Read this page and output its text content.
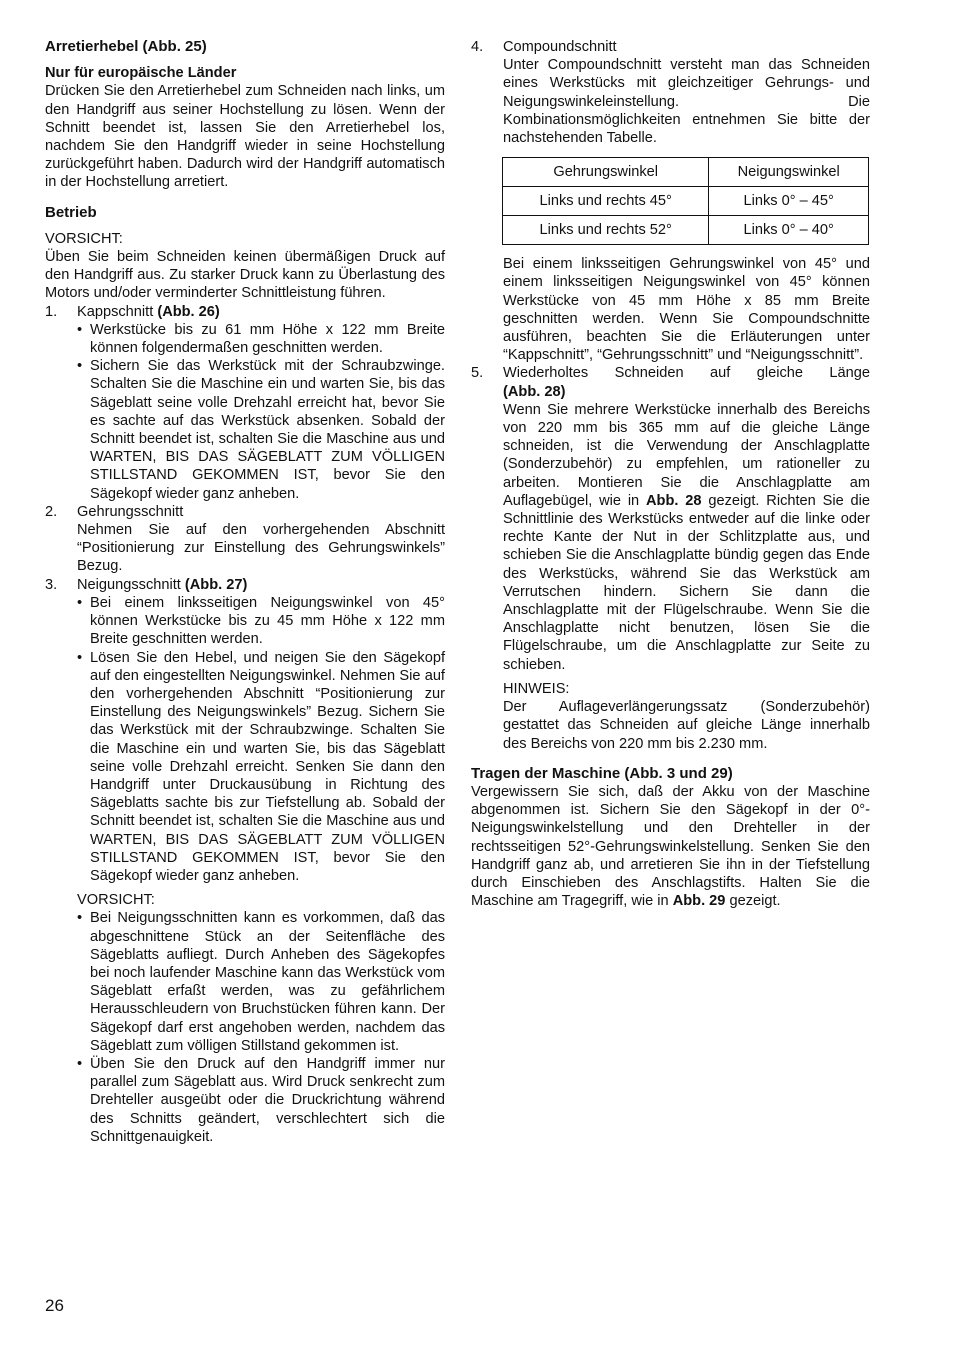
Arretierhebel (Abb. 25)
Nur für europäische Länder

Drücken Sie den Arretierhebel zum Schneiden nach links, um den Handgriff aus seiner Hochstellung zu lösen. Wenn der Schnitt beendet ist, lassen Sie den Arretierhebel los, nachdem Sie den Handgriff wieder in seine Hochstellung zurückgeführt haben. Dadurch wird der Handgriff automatisch in der Hochstellung arretiert.

Betrieb

VORSICHT:

Üben Sie beim Schneiden keinen übermäßigen Druck auf den Handgriff aus. Zu starker Druck kann zu Überlastung des Motors und/oder verminderter Schnittleistung führen.

1. Kappschnitt (Abb. 26)
• Werkstücke bis zu 61 mm Höhe x 122 mm Breite können folgendermaßen geschnitten werden.

• Sichern Sie das Werkstück mit der Schraubzwinge. Schalten Sie die Maschine ein und warten Sie, bis das Sägeblatt seine volle Drehzahl erreicht hat, bevor Sie es sachte auf das Werkstück absenken. Sobald der Schnitt beendet ist, schalten Sie die Maschine aus und WARTEN, BIS DAS SÄGEBLATT ZUM VÖLLIGEN STILLSTAND GEKOMMEN IST, bevor Sie den Sägekopf wieder ganz anheben.

2. Gehrungsschnitt

Nehmen Sie auf den vorhergehenden Abschnitt “Positionierung zur Einstellung des Gehrungswinkels” Bezug.

3. Neigungsschnitt (Abb. 27)
• Bei einem linksseitigen Neigungswinkel von 45° können Werkstücke bis zu 45 mm Höhe x 122 mm Breite geschnitten werden.

• Lösen Sie den Hebel, und neigen Sie den Sägekopf auf den eingestellten Neigungswinkel. Nehmen Sie auf den vorhergehenden Abschnitt “Positionierung zur Einstellung des Neigungswinkels” Bezug. Sichern Sie das Werkstück mit der Schraubzwinge. Schalten Sie die Maschine ein und warten Sie, bis das Sägeblatt seine volle Drehzahl erreicht. Senken Sie dann den Handgriff unter Druckausübung in Richtung des Sägeblatts sachte bis zur Tiefstellung ab. Sobald der Schnitt beendet ist, schalten Sie die Maschine aus und WARTEN, BIS DAS SÄGEBLATT ZUM VÖLLIGEN STILLSTAND GEKOMMEN IST, bevor Sie den Sägekopf wieder ganz anheben.

VORSICHT:
• Bei Neigungsschnitten kann es vorkommen, daß das abgeschnittene Stück an der Seitenfläche des Sägeblatts aufliegt. Durch Anheben des Sägekopfes bei noch laufender Maschine kann das Werkstück vom Sägeblatt erfaßt werden, was zu gefährlichem Herausschleudern von Bruchstücken führen kann. Der Sägekopf darf erst angehoben werden, nachdem das Sägeblatt zum völligen Stillstand gekommen ist.

• Üben Sie den Druck auf den Handgriff immer nur parallel zum Sägeblatt aus. Wird Druck senkrecht zum Drehteller ausgeübt oder die Druckrichtung während des Schnitts geändert, verschlechtert sich die Schnittgenauigkeit.

4. Compoundschnitt

Unter Compoundschnitt versteht man das Schneiden eines Werkstücks mit gleichzeitiger Gehrungs- und Neigungswinkeleinstellung. Die Kombinationsmöglichkeiten entnehmen Sie bitte der nachstehenden Tabelle.

Gehrungswinkel	Neigungswinkel
Links und rechts 45°	Links 0° – 45°
Links und rechts 52°	Links 0° – 40°

Bei einem linksseitigen Gehrungswinkel von 45° und einem linksseitigen Neigungswinkel von 45° können Werkstücke von 45 mm Höhe x 85 mm Breite geschnitten werden. Wenn Sie Compoundschnitte ausführen, beachten Sie die Erläuterungen unter “Kappschnitt”, “Gehrungsschnitt” und “Neigungsschnitt”.

5. Wiederholtes Schneiden auf gleiche Länge

(Abb. 28)

Wenn Sie mehrere Werkstücke innerhalb des Bereichs von 220 mm bis 365 mm auf die gleiche Länge schneiden, ist die Verwendung der Anschlagplatte (Sonderzubehör) zu empfehlen, um rationeller zu arbeiten. Montieren Sie die Anschlagplatte am Auflagebügel, wie in Abb. 28 gezeigt. Richten Sie die Schnittlinie des Werkstücks entweder auf die linke oder rechte Kante der Nut in der Schlitzplatte aus, und schieben Sie die Anschlagplatte bündig gegen das Ende des Werkstücks, während Sie das Werkstück am Verrutschen hindern. Sichern Sie dann die Anschlagplatte mit der Flügelschraube. Wenn Sie die Anschlagplatte nicht benutzen, lösen Sie die Flügelschraube, um die Anschlagplatte zur Seite zu schieben.

HINWEIS:

Der Auflageverlängerungssatz (Sonderzubehör) gestattet das Schneiden auf gleiche Länge innerhalb des Bereichs von 220 mm bis 2.230 mm.

Tragen der Maschine (Abb. 3 und 29)

Vergewissern Sie sich, daß der Akku von der Maschine abgenommen ist. Sichern Sie den Sägekopf in der 0°-Neigungswinkelstellung und den Drehteller in der rechtsseitigen 52°-Gehrungswinkelstellung. Senken Sie den Handgriff ganz ab, und arretieren Sie ihn in der Tiefstellung durch Einschieben des Anschlagstifts. Halten Sie die Maschine am Tragegriff, wie in Abb. 29 gezeigt.

26
